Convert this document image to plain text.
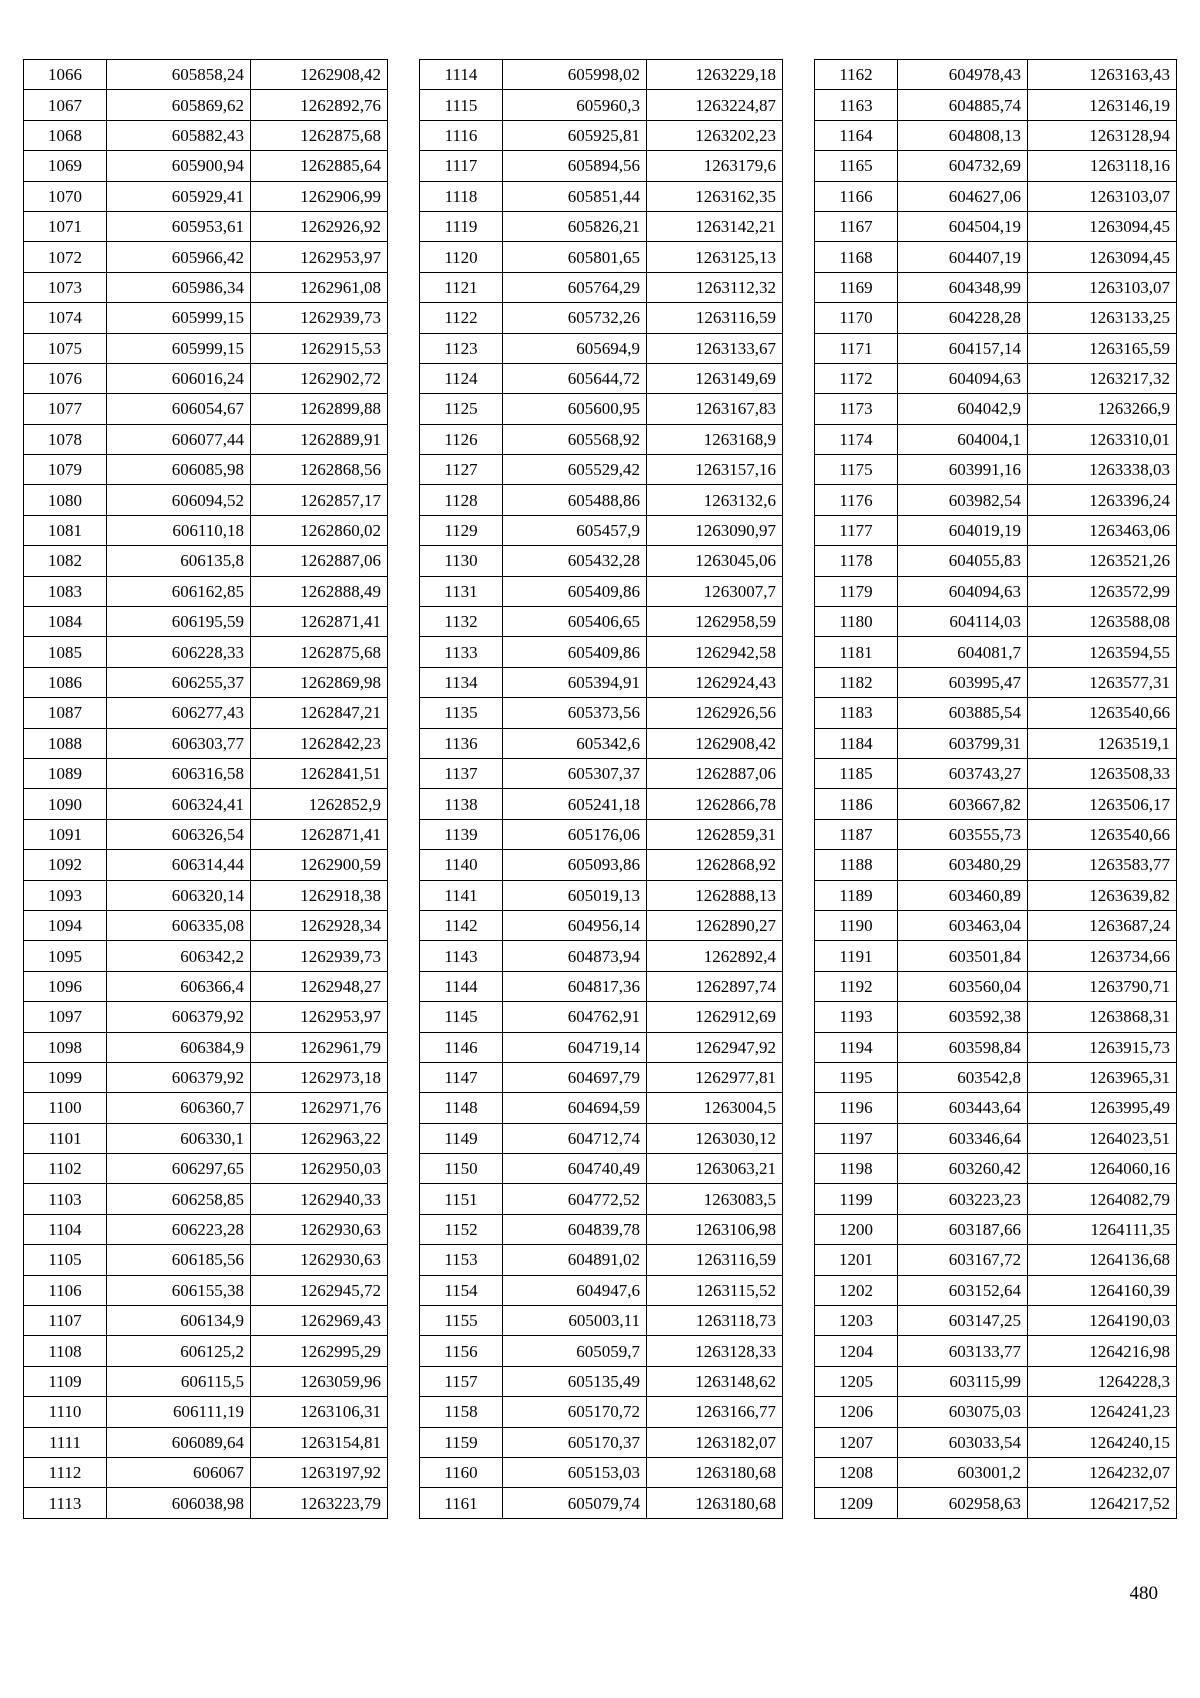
1066	605858,24	1262908,42
1067	605869,62	1262892,76
1068	605882,43	1262875,68
1069	605900,94	1262885,64
1070	605929,41	1262906,99
1071	605953,61	1262926,92
1072	605966,42	1262953,97
1073	605986,34	1262961,08
1074	605999,15	1262939,73
1075	605999,15	1262915,53
1076	606016,24	1262902,72
1077	606054,67	1262899,88
1078	606077,44	1262889,91
1079	606085,98	1262868,56
1080	606094,52	1262857,17
1081	606110,18	1262860,02
1082	606135,8	1262887,06
1083	606162,85	1262888,49
1084	606195,59	1262871,41
1085	606228,33	1262875,68
1086	606255,37	1262869,98
1087	606277,43	1262847,21
1088	606303,77	1262842,23
1089	606316,58	1262841,51
1090	606324,41	1262852,9
1091	606326,54	1262871,41
1092	606314,44	1262900,59
1093	606320,14	1262918,38
1094	606335,08	1262928,34
1095	606342,2	1262939,73
1096	606366,4	1262948,27
1097	606379,92	1262953,97
1098	606384,9	1262961,79
1099	606379,92	1262973,18
1100	606360,7	1262971,76
1101	606330,1	1262963,22
1102	606297,65	1262950,03
1103	606258,85	1262940,33
1104	606223,28	1262930,63
1105	606185,56	1262930,63
1106	606155,38	1262945,72
1107	606134,9	1262969,43
1108	606125,2	1262995,29
1109	606115,5	1263059,96
1110	606111,19	1263106,31
1111	606089,64	1263154,81
1112	606067	1263197,92
1113	606038,98	1263223,79
1114	605998,02	1263229,18
1115	605960,3	1263224,87
1116	605925,81	1263202,23
1117	605894,56	1263179,6
1118	605851,44	1263162,35
1119	605826,21	1263142,21
1120	605801,65	1263125,13
1121	605764,29	1263112,32
1122	605732,26	1263116,59
1123	605694,9	1263133,67
1124	605644,72	1263149,69
1125	605600,95	1263167,83
1126	605568,92	1263168,9
1127	605529,42	1263157,16
1128	605488,86	1263132,6
1129	605457,9	1263090,97
1130	605432,28	1263045,06
1131	605409,86	1263007,7
1132	605406,65	1262958,59
1133	605409,86	1262942,58
1134	605394,91	1262924,43
1135	605373,56	1262926,56
1136	605342,6	1262908,42
1137	605307,37	1262887,06
1138	605241,18	1262866,78
1139	605176,06	1262859,31
1140	605093,86	1262868,92
1141	605019,13	1262888,13
1142	604956,14	1262890,27
1143	604873,94	1262892,4
1144	604817,36	1262897,74
1145	604762,91	1262912,69
1146	604719,14	1262947,92
1147	604697,79	1262977,81
1148	604694,59	1263004,5
1149	604712,74	1263030,12
1150	604740,49	1263063,21
1151	604772,52	1263083,5
1152	604839,78	1263106,98
1153	604891,02	1263116,59
1154	604947,6	1263115,52
1155	605003,11	1263118,73
1156	605059,7	1263128,33
1157	605135,49	1263148,62
1158	605170,72	1263166,77
1159	605170,37	1263182,07
1160	605153,03	1263180,68
1161	605079,74	1263180,68
1162	604978,43	1263163,43
1163	604885,74	1263146,19
1164	604808,13	1263128,94
1165	604732,69	1263118,16
1166	604627,06	1263103,07
1167	604504,19	1263094,45
1168	604407,19	1263094,45
1169	604348,99	1263103,07
1170	604228,28	1263133,25
1171	604157,14	1263165,59
1172	604094,63	1263217,32
1173	604042,9	1263266,9
1174	604004,1	1263310,01
1175	603991,16	1263338,03
1176	603982,54	1263396,24
1177	604019,19	1263463,06
1178	604055,83	1263521,26
1179	604094,63	1263572,99
1180	604114,03	1263588,08
1181	604081,7	1263594,55
1182	603995,47	1263577,31
1183	603885,54	1263540,66
1184	603799,31	1263519,1
1185	603743,27	1263508,33
1186	603667,82	1263506,17
1187	603555,73	1263540,66
1188	603480,29	1263583,77
1189	603460,89	1263639,82
1190	603463,04	1263687,24
1191	603501,84	1263734,66
1192	603560,04	1263790,71
1193	603592,38	1263868,31
1194	603598,84	1263915,73
1195	603542,8	1263965,31
1196	603443,64	1263995,49
1197	603346,64	1264023,51
1198	603260,42	1264060,16
1199	603223,23	1264082,79
1200	603187,66	1264111,35
1201	603167,72	1264136,68
1202	603152,64	1264160,39
1203	603147,25	1264190,03
1204	603133,77	1264216,98
1205	603115,99	1264228,3
1206	603075,03	1264241,23
1207	603033,54	1264240,15
1208	603001,2	1264232,07
1209	602958,63	1264217,52
480
